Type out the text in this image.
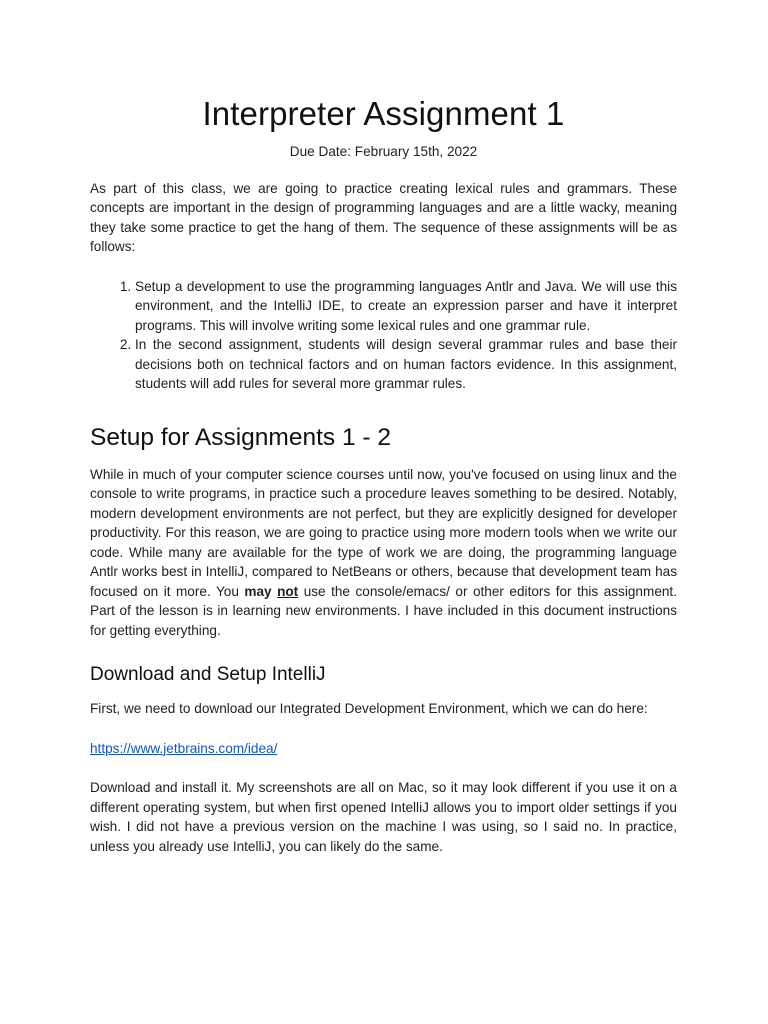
Interpreter Assignment 1

Due Date: February 15th, 2022

As part of this class, we are going to practice creating lexical rules and grammars. These concepts are important in the design of programming languages and are a little wacky, meaning they take some practice to get the hang of them. The sequence of these assignments will be as follows:

1. Setup a development to use the programming languages Antlr and Java. We will use this environment, and the IntelliJ IDE, to create an expression parser and have it interpret programs. This will involve writing some lexical rules and one grammar rule.
2. In the second assignment, students will design several grammar rules and base their decisions both on technical factors and on human factors evidence. In this assignment, students will add rules for several more grammar rules.
Setup for Assignments 1 - 2

While in much of your computer science courses until now, you've focused on using linux and the console to write programs, in practice such a procedure leaves something to be desired. Notably, modern development environments are not perfect, but they are explicitly designed for developer productivity. For this reason, we are going to practice using more modern tools when we write our code. While many are available for the type of work we are doing, the programming language Antlr works best in IntelliJ, compared to NetBeans or others, because that development team has focused on it more. You may not use the console/emacs/ or other editors for this assignment. Part of the lesson is in learning new environments. I have included in this document instructions for getting everything.

Download and Setup IntelliJ

First, we need to download our Integrated Development Environment, which we can do here:

https://www.jetbrains.com/idea/

Download and install it. My screenshots are all on Mac, so it may look different if you use it on a different operating system, but when first opened IntelliJ allows you to import older settings if you wish. I did not have a previous version on the machine I was using, so I said no. In practice, unless you already use IntelliJ, you can likely do the same.
